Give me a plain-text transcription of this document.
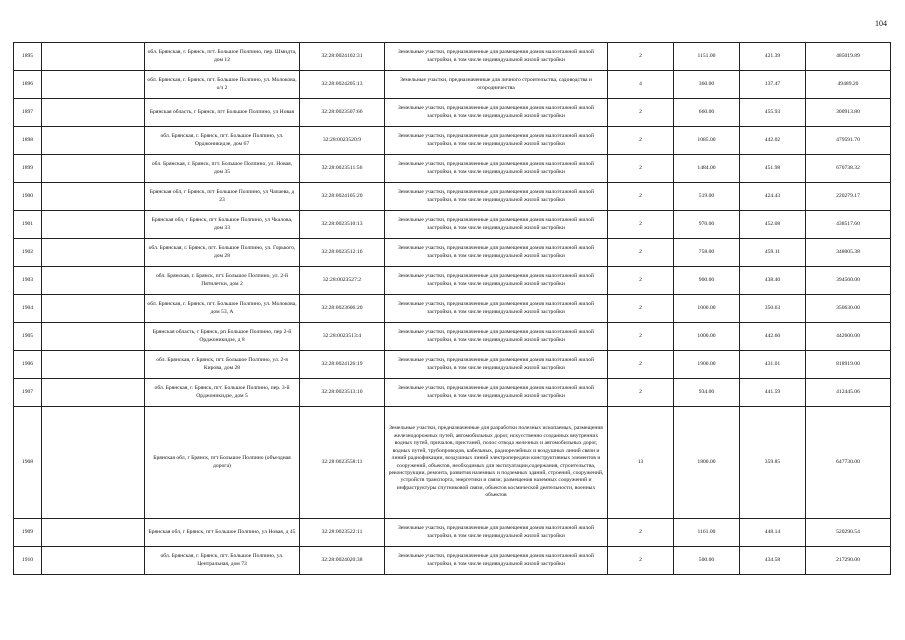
104
1895		обл. Брянская, г. Брянск, пгт. Большое Полпино, пер. Шмидта, дом 12	32:28:0024102:31	Земельные участки, предназначенные для размещения домов малоэтажной жилой застройки, в том числе индивидуальной жилой застройки	2	1151.00	421.39	485019.89
1896		обл. Брянская, г. Брянск, пгт. Большое Полпино, ул. Молокова, о/з 2	32:28:0024205:13	Земельные участки, предназначенные для личного строительства, садоводства и огородничества	4	360.00	137.47	49489.20
1897		Брянская область, г Брянск, пгт Большое Полпино, ул Новая	32:28:0023507:66	Земельные участки, предназначенные для размещения домов малоэтажной жилой застройки, в том числе индивидуальной жилой застройки	2	660.00	455.93	300913.80
1898		обл. Брянская, г. Брянск, пгт. Большое Полпино, ул. Орджоникидзе, дом 67	32:28:0023520:9	Земельные участки, предназначенные для размещения домов малоэтажной жилой застройки, в том числе индивидуальной жилой застройки	2	1085.00	442.02	479591.70
1899		обл. Брянская, г. Брянск, пгт. Большое Полпино, ул. Новая, дом 35	32:28:0023511:56	Земельные участки, предназначенные для размещения домов малоэтажной жилой застройки, в том числе индивидуальной жилой застройки	2	1484.00	451.98	670738.32
1900		Брянская обл, г Брянск, пгт Большое Полпино, ул Чапаева, д 23	32:28:0024105:20	Земельные участки, предназначенные для размещения домов малоэтажной жилой застройки, в том числе индивидуальной жилой застройки	2	519.00	424.43	220279.17
1901		Брянская обл, г Брянск, пгт Большое Полпино, ул Чкалова, дом 33	32:28:0023510:13	Земельные участки, предназначенные для размещения домов малоэтажной жилой застройки, в том числе индивидуальной жилой застройки	2	970.00	452.08	438517.60
1902		обл. Брянская, г. Брянск, пгт. Большое Полпино, ул. Горького, дом 28	32:28:0023512:16	Земельные участки, предназначенные для размещения домов малоэтажной жилой застройки, в том числе индивидуальной жилой застройки	2	758.00	459.11	348005.38
1903		обл. Брянская, г. Брянск, пгт. Большое Полпино, ул. 2-й Пятилетки, дом 2	32:28:0023527:2	Земельные участки, предназначенные для размещения домов малоэтажной жилой застройки, в том числе индивидуальной жилой застройки	2	900.00	438.40	394560.00
1904		обл. Брянская, г. Брянск, пгт. Большое Полпино, ул. Молокова, дом 53, А	32:28:0023606:20	Земельные участки, предназначенные для размещения домов малоэтажной жилой застройки, в том числе индивидуальной жилой застройки	2	1000.00	350.63	350630.00
1905		Брянская область, г Брянск, рп Большое Полпино, пер 2-й Орджоникидзе, д 8	32:28:0023513:4	Земельные участки, предназначенные для размещения домов малоэтажной жилой застройки, в том числе индивидуальной жилой застройки	2	1000.00	442.60	442600.00
1906		обл. Брянская, г. Брянск, пгт. Большое Полпино, ул. 2-я Кирова, дом 28	32:28:0024126:19	Земельные участки, предназначенные для размещения домов малоэтажной жилой застройки, в том числе индивидуальной жилой застройки	2	1900.00	431.01	818919.00
1907		обл. Брянская, г. Брянск, пгт. Большое Полпино, пер. 3-й Орджоникидзе, дом 5	32:28:0023513:10	Земельные участки, предназначенные для размещения домов малоэтажной жилой застройки, в том числе индивидуальной жилой застройки	2	934.00	441.59	412445.06
1908		Брянская обл, г Брянск, пгт Большое Полпино (объездная дорога)	32:28:0023558:11	Земельные участки, предназначенные для разработки полезных ископаемых, размещения железнодорожных путей, автомобильных дорог, искусственно созданных внутренних водных путей, причалов, пристаней, полос отвода железных и автомобильных дорог, водных путей, трубопроводов, кабельных, радиорелейных и воздушных линий связи и линий радиофикации, воздушных линий электропередачи конструктивных элементов и сооружений, объектов, необходимых для эксплуатации,содержания, строительства, реконструкции, ремонта, развития наземных и подземных зданий, строений, сооружений, устройств транспорта, энергетики и связи; размещения наземных сооружений и инфраструктуры спутниковой связи, объектов космической деятельности, военных объектов	13	1800.00	359.85	647730.00
1909		Брянская обл, г Брянск, пгт Большое Полпино, ул Новая, д 45	32:28:0023522:11	Земельные участки, предназначенные для размещения домов малоэтажной жилой застройки, в том числе индивидуальной жилой застройки	2	1161.00	448.14	520290.54
1910		обл. Брянская, г. Брянск, пгт. Большое Полпино, ул. Центральная, дом 73	32:28:0024020:38	Земельные участки, предназначенные для размещения домов малоэтажной жилой застройки, в том числе индивидуальной жилой застройки	2	500.00	434.58	217290.00
